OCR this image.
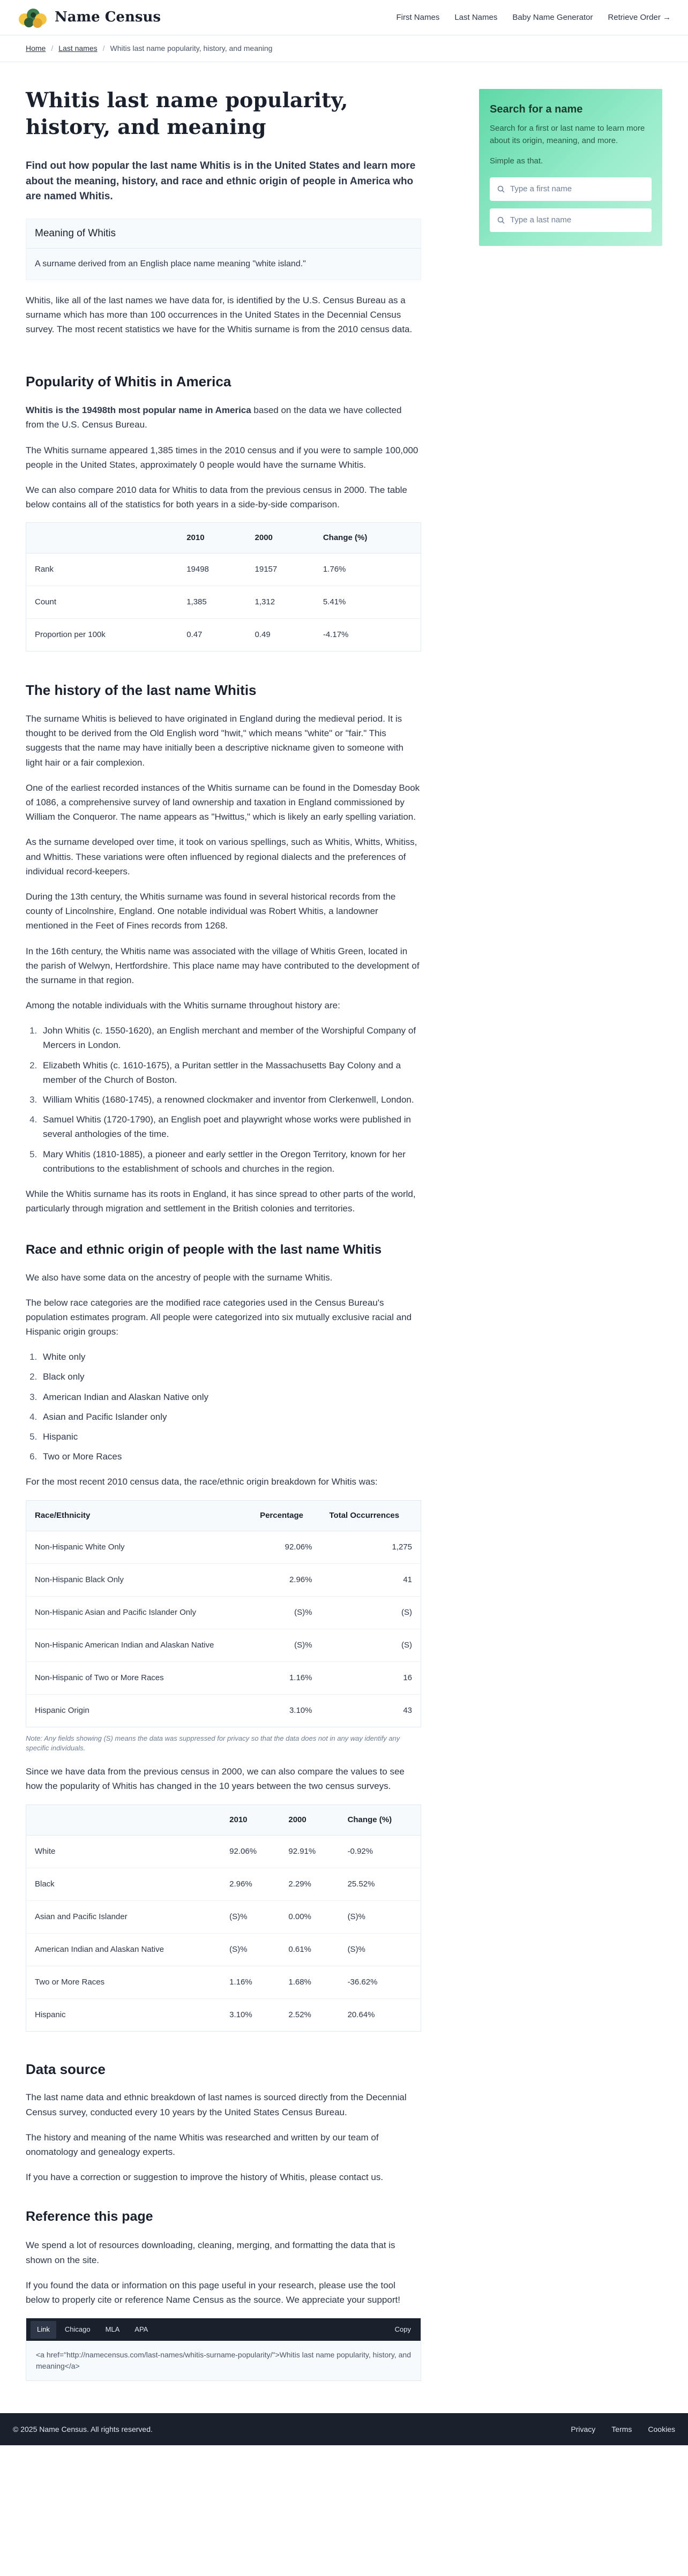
Name Census	First Names Last Names Baby Name Generator Retrieve Order →
Home / Last names / Whitis last name popularity, history, and meaning
Whitis last name popularity, history, and meaning

Find out how popular the last name Whitis is in the United States and learn more about the meaning, history, and race and ethnic origin of people in America who are named Whitis.

Meaning of Whitis
A surname derived from an English place name meaning "white island."

Whitis, like all of the last names we have data for, is identified by the U.S. Census Bureau as a surname which has more than 100 occurrences in the United States in the Decennial Census survey. The most recent statistics we have for the Whitis surname is from the 2010 census data.

Popularity of Whitis in America

Whitis is the 19498th most popular name in America based on the data we have collected from the U.S. Census Bureau.

The Whitis surname appeared 1,385 times in the 2010 census and if you were to sample 100,000 people in the United States, approximately 0 people would have the surname Whitis.

We can also compare 2010 data for Whitis to data from the previous census in 2000. The table below contains all of the statistics for both years in a side-by-side comparison.

	2010	2000	Change (%)
Rank	19498	19157	1.76%
Count	1,385	1,312	5.41%
Proportion per 100k	0.47	0.49	-4.17%
The history of the last name Whitis

The surname Whitis is believed to have originated in England during the medieval period. It is thought to be derived from the Old English word "hwit," which means "white" or "fair." This suggests that the name may have initially been a descriptive nickname given to someone with light hair or a fair complexion.

One of the earliest recorded instances of the Whitis surname can be found in the Domesday Book of 1086, a comprehensive survey of land ownership and taxation in England commissioned by William the Conqueror. The name appears as "Hwittus," which is likely an early spelling variation.

As the surname developed over time, it took on various spellings, such as Whitis, Whitts, Whitiss, and Whittis. These variations were often influenced by regional dialects and the preferences of individual record-keepers.

During the 13th century, the Whitis surname was found in several historical records from the county of Lincolnshire, England. One notable individual was Robert Whitis, a landowner mentioned in the Feet of Fines records from 1268.

In the 16th century, the Whitis name was associated with the village of Whitis Green, located in the parish of Welwyn, Hertfordshire. This place name may have contributed to the development of the surname in that region.

Among the notable individuals with the Whitis surname throughout history are:

1. John Whitis (c. 1550-1620), an English merchant and member of the Worshipful Company of Mercers in London.
2. Elizabeth Whitis (c. 1610-1675), a Puritan settler in the Massachusetts Bay Colony and a member of the Church of Boston.
3. William Whitis (1680-1745), a renowned clockmaker and inventor from Clerkenwell, London.
4. Samuel Whitis (1720-1790), an English poet and playwright whose works were published in several anthologies of the time.
5. Mary Whitis (1810-1885), a pioneer and early settler in the Oregon Territory, known for her contributions to the establishment of schools and churches in the region.

While the Whitis surname has its roots in England, it has since spread to other parts of the world, particularly through migration and settlement in the British colonies and territories.

Race and ethnic origin of people with the last name Whitis

We also have some data on the ancestry of people with the surname Whitis.

The below race categories are the modified race categories used in the Census Bureau's population estimates program. All people were categorized into six mutually exclusive racial and Hispanic origin groups:

1. White only
2. Black only
3. American Indian and Alaskan Native only
4. Asian and Pacific Islander only
5. Hispanic
6. Two or More Races

For the most recent 2010 census data, the race/ethnic origin breakdown for Whitis was:

Race/Ethnicity	Percentage	Total Occurrences
Non-Hispanic White Only	92.06%	1,275
Non-Hispanic Black Only	2.96%	41
Non-Hispanic Asian and Pacific Islander Only	(S)%	(S)
Non-Hispanic American Indian and Alaskan Native	(S)%	(S)
Non-Hispanic of Two or More Races	1.16%	16
Hispanic Origin	3.10%	43

Note: Any fields showing (S) means the data was suppressed for privacy so that the data does not in any way identify any specific individuals.

Since we have data from the previous census in 2000, we can also compare the values to see how the popularity of Whitis has changed in the 10 years between the two census surveys.

	2010	2000	Change (%)
White	92.06%	92.91%	-0.92%
Black	2.96%	2.29%	25.52%
Asian and Pacific Islander	(S)%	0.00%	(S)%
American Indian and Alaskan Native	(S)%	0.61%	(S)%
Two or More Races	1.16%	1.68%	-36.62%
Hispanic	3.10%	2.52%	20.64%
Data source

The last name data and ethnic breakdown of last names is sourced directly from the Decennial Census survey, conducted every 10 years by the United States Census Bureau.

The history and meaning of the name Whitis was researched and written by our team of onomatology and genealogy experts.

If you have a correction or suggestion to improve the history of Whitis, please contact us.

Reference this page

We spend a lot of resources downloading, cleaning, merging, and formatting the data that is shown on the site.

If you found the data or information on this page useful in your research, please use the tool below to properly cite or reference Name Census as the source. We appreciate your support!

Link	Chicago	MLA	APA	Copy
<a href="http://namecensus.com/last-names/whitis-surname-popularity/">Whitis last name popularity, history, and meaning</a>
Search for a name
Search for a first or last name to learn more about its origin, meaning, and more.
Simple as that.
Type a first name
Type a last name
© 2025 Name Census. All rights reserved.	Privacy Terms Cookies
